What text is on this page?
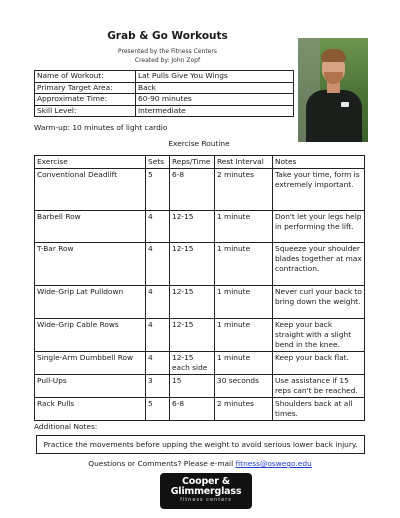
Grab & Go Workouts
Presented by the Fitness Centers
Created by: John Zopf
Name of Workout:	Lat Pulls Give You Wings
Primary Target Area:	Back
Approximate Time:	60-90 minutes
Skill Level:	Intermediate
Warm-up: 10 minutes of light cardio
Exercise Routine
Exercise	Sets	Reps/Time	Rest Interval	Notes
Conventional Deadlift	5	6-8	2 minutes	Take your time, form is extremely important.
Barbell Row	4	12-15	1 minute	Don't let your legs help in performing the lift.
T-Bar Row	4	12-15	1 minute	Squeeze your shoulder blades together at max contraction.
Wide-Grip Lat Pulldown	4	12-15	1 minute	Never curl your back to bring down the weight.
Wide-Grip Cable Rows	4	12-15	1 minute	Keep your back straight with a slight bend in the knee.
Single-Arm Dumbbell Row	4	12-15 each side	1 minute	Keep your back flat.
Pull-Ups	3	15	30 seconds	Use assistance if 15 reps can't be reached.
Rack Pulls	5	6-8	2 minutes	Shoulders back at all times.
Additional Notes:
Practice the movements before upping the weight to avoid serious lower back injury.
Questions or Comments? Please e-mail fitness@oswego.edu
Cooper &
Glimmerglass
fitness centers
